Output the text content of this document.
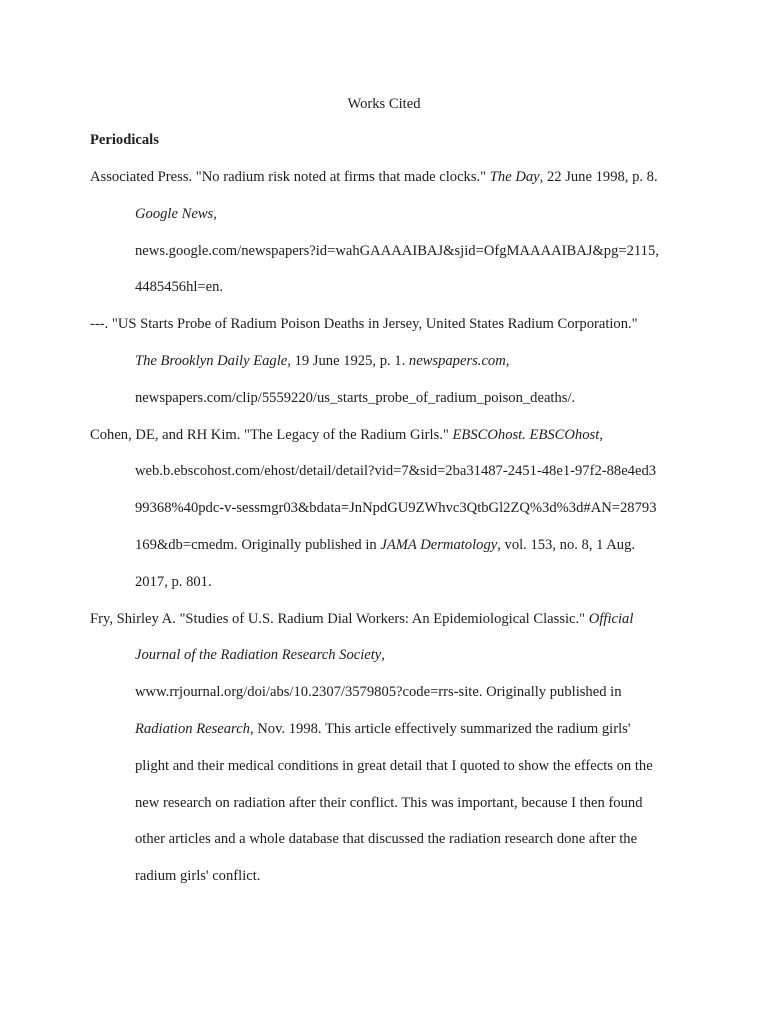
Works Cited
Periodicals
Associated Press. "No radium risk noted at firms that made clocks." The Day, 22 June 1998, p. 8.
Google News,
news.google.com/newspapers?id=wahGAAAAIBAJ&sjid=OfgMAAAAIBAJ&pg=2115,
4485456hl=en.
---. "US Starts Probe of Radium Poison Deaths in Jersey, United States Radium Corporation."
The Brooklyn Daily Eagle, 19 June 1925, p. 1. newspapers.com,
newspapers.com/clip/5559220/us_starts_probe_of_radium_poison_deaths/.
Cohen, DE, and RH Kim. "The Legacy of the Radium Girls." EBSCOhost. EBSCOhost,
web.b.ebscohost.com/ehost/detail/detail?vid=7&sid=2ba31487-2451-48e1-97f2-88e4ed3
99368%40pdc-v-sessmgr03&bdata=JnNpdGU9ZWhvc3QtbGl2ZQ%3d%3d#AN=28793
169&db=cmedm. Originally published in JAMA Dermatology, vol. 153, no. 8, 1 Aug.
2017, p. 801.
Fry, Shirley A. "Studies of U.S. Radium Dial Workers: An Epidemiological Classic." Official
Journal of the Radiation Research Society,
www.rrjournal.org/doi/abs/10.2307/3579805?code=rrs-site. Originally published in
Radiation Research, Nov. 1998. This article effectively summarized the radium girls'
plight and their medical conditions in great detail that I quoted to show the effects on the
new research on radiation after their conflict. This was important, because I then found
other articles and a whole database that discussed the radiation research done after the
radium girls' conflict.
